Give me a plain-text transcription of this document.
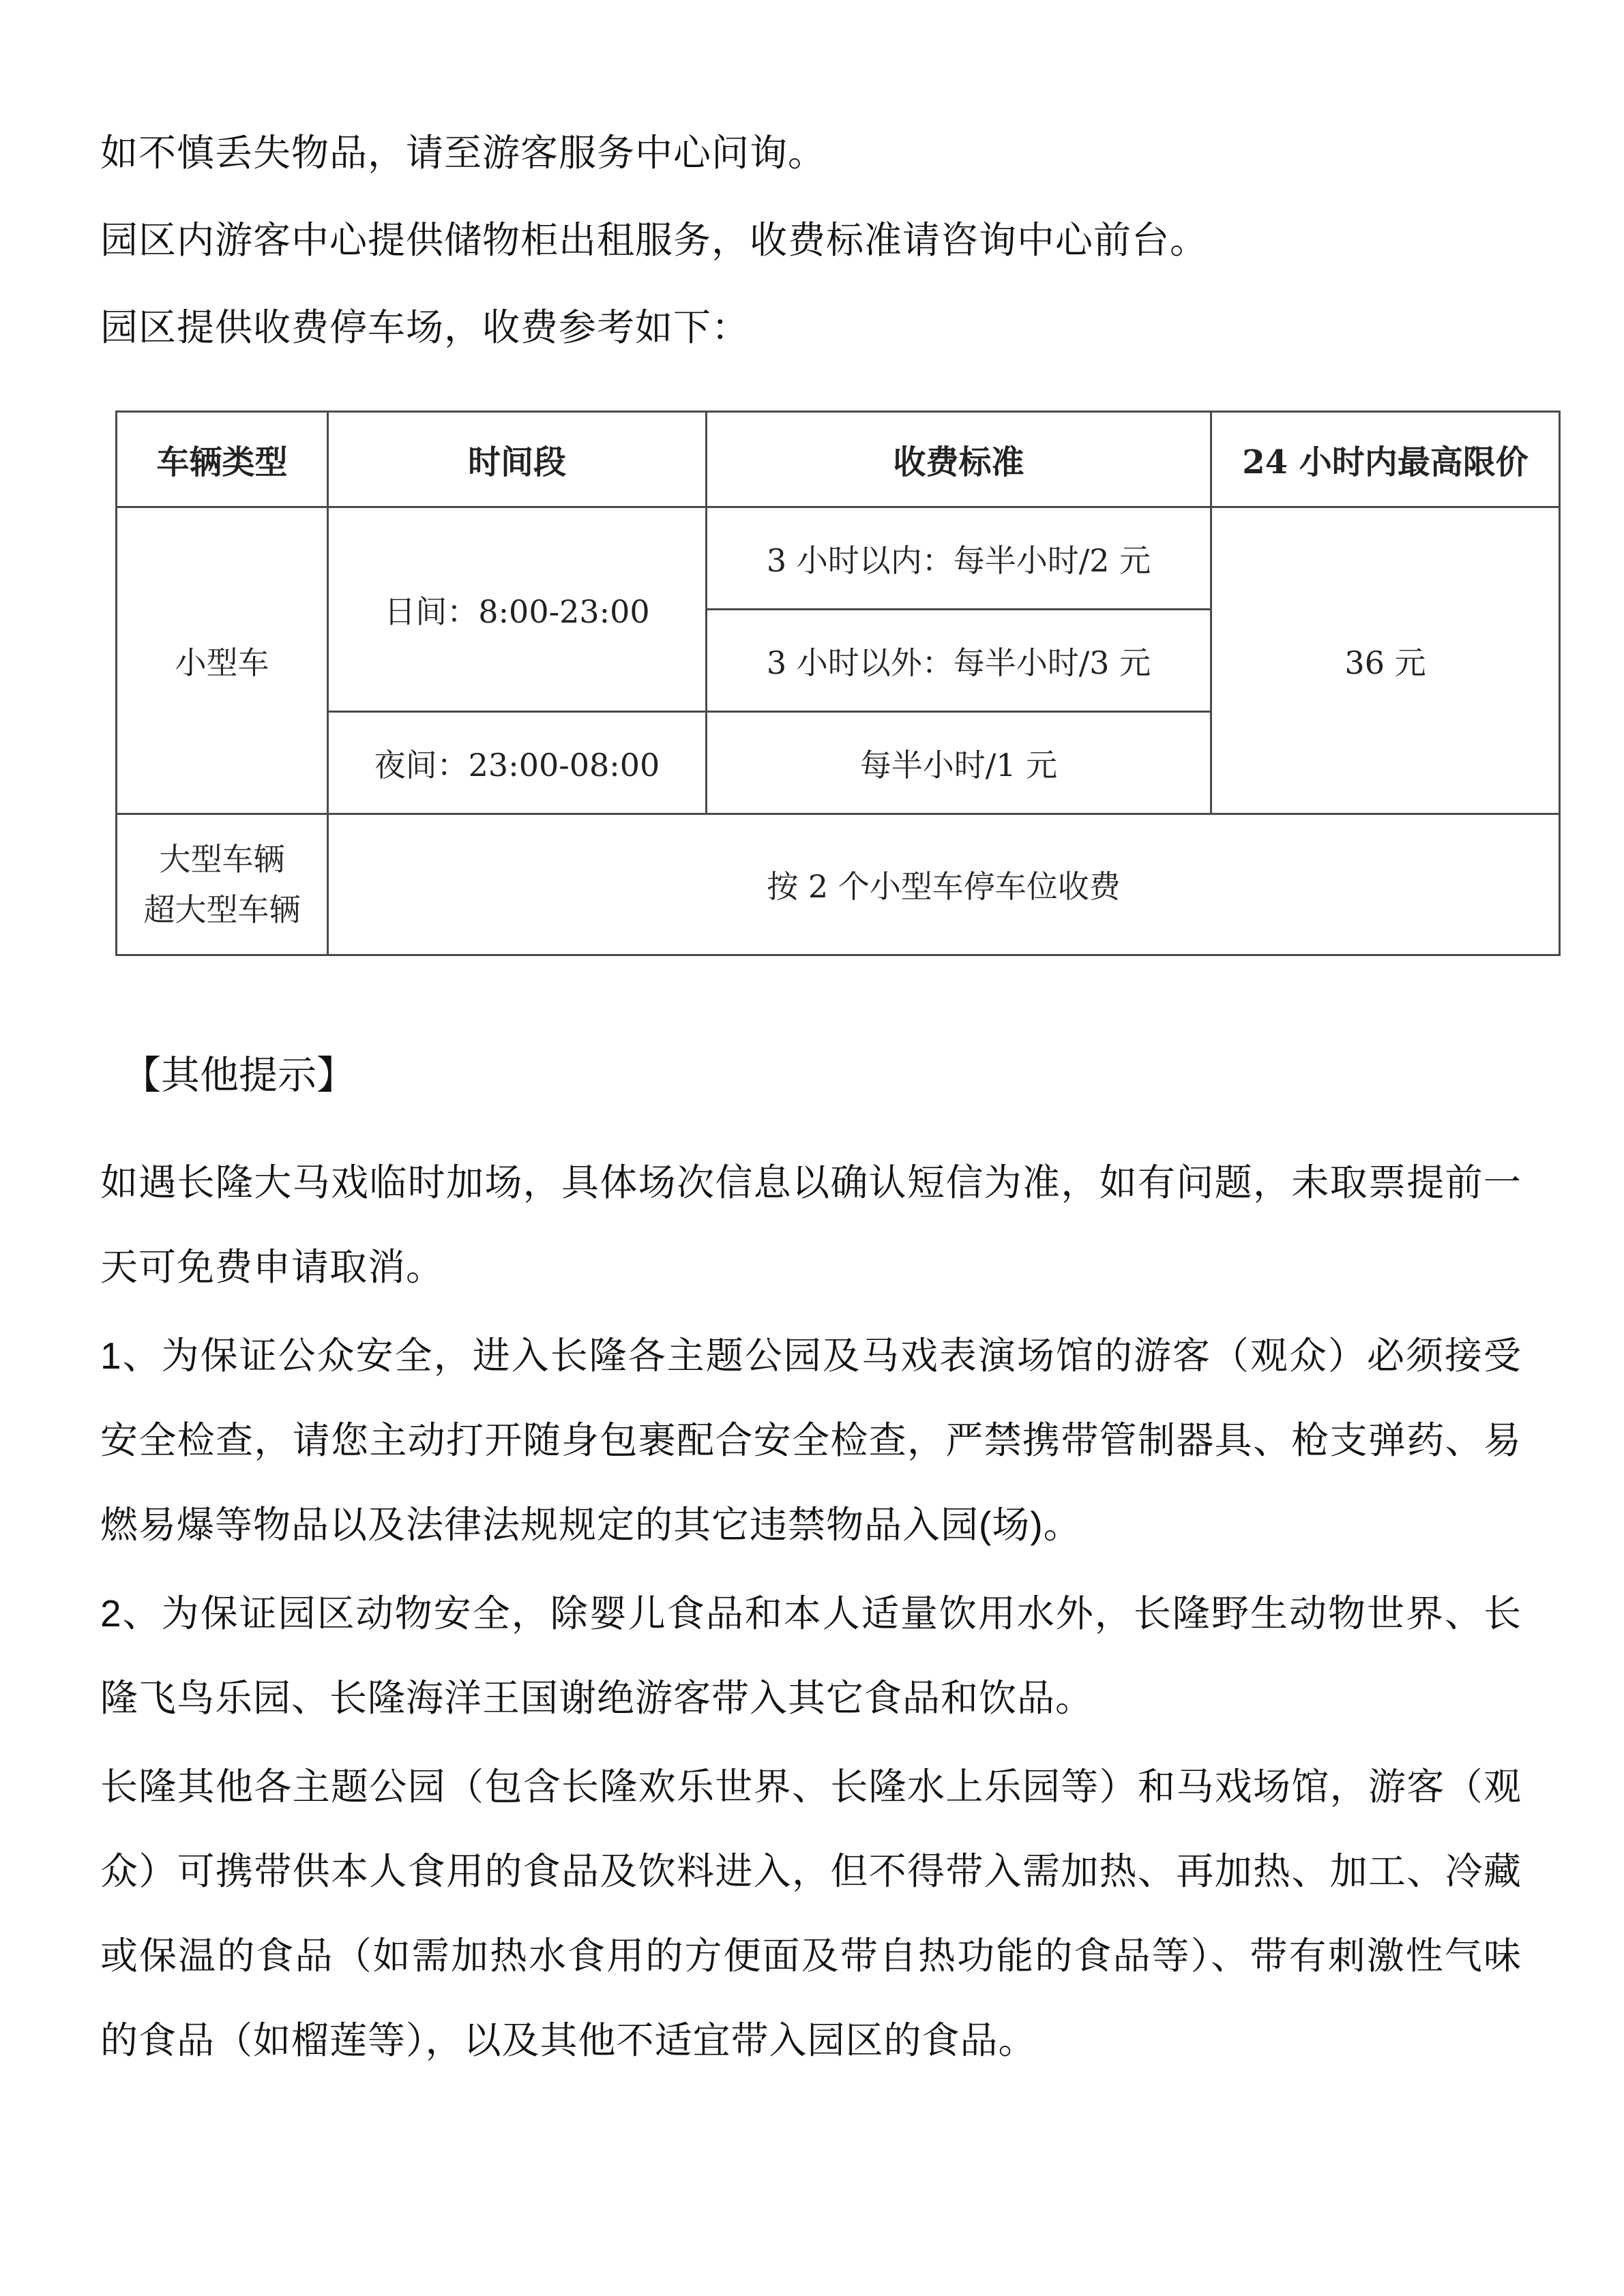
如不慎丢失物品，请至游客服务中心问询。

园区内游客中心提供储物柜出租服务，收费标准请咨询中心前台。

园区提供收费停车场，收费参考如下：

车辆类型	时间段	收费标准	24 小时内最高限价
小型车	日间：8:00-23:00	3 小时以内：每半小时/2 元	36 元
		3 小时以外：每半小时/3 元	
	夜间：23:00-08:00	每半小时/1 元	

大型车辆
超大型车辆	按 2 个小型车停车位收费		
【其他提示】

如遇长隆大马戏临时加场，具体场次信息以确认短信为准，如有问题，未取票提前一天可免费申请取消。

1、为保证公众安全，进入长隆各主题公园及马戏表演场馆的游客（观众）必须接受安全检查，请您主动打开随身包裹配合安全检查，严禁携带管制器具、枪支弹药、易燃易爆等物品以及法律法规规定的其它违禁物品入园(场)。

2、为保证园区动物安全，除婴儿食品和本人适量饮用水外，长隆野生动物世界、长隆飞鸟乐园、长隆海洋王国谢绝游客带入其它食品和饮品。

长隆其他各主题公园（包含长隆欢乐世界、长隆水上乐园等）和马戏场馆，游客（观众）可携带供本人食用的食品及饮料进入，但不得带入需加热、再加热、加工、冷藏或保温的食品（如需加热水食用的方便面及带自热功能的食品等）、带有刺激性气味的食品（如榴莲等），以及其他不适宜带入园区的食品。
